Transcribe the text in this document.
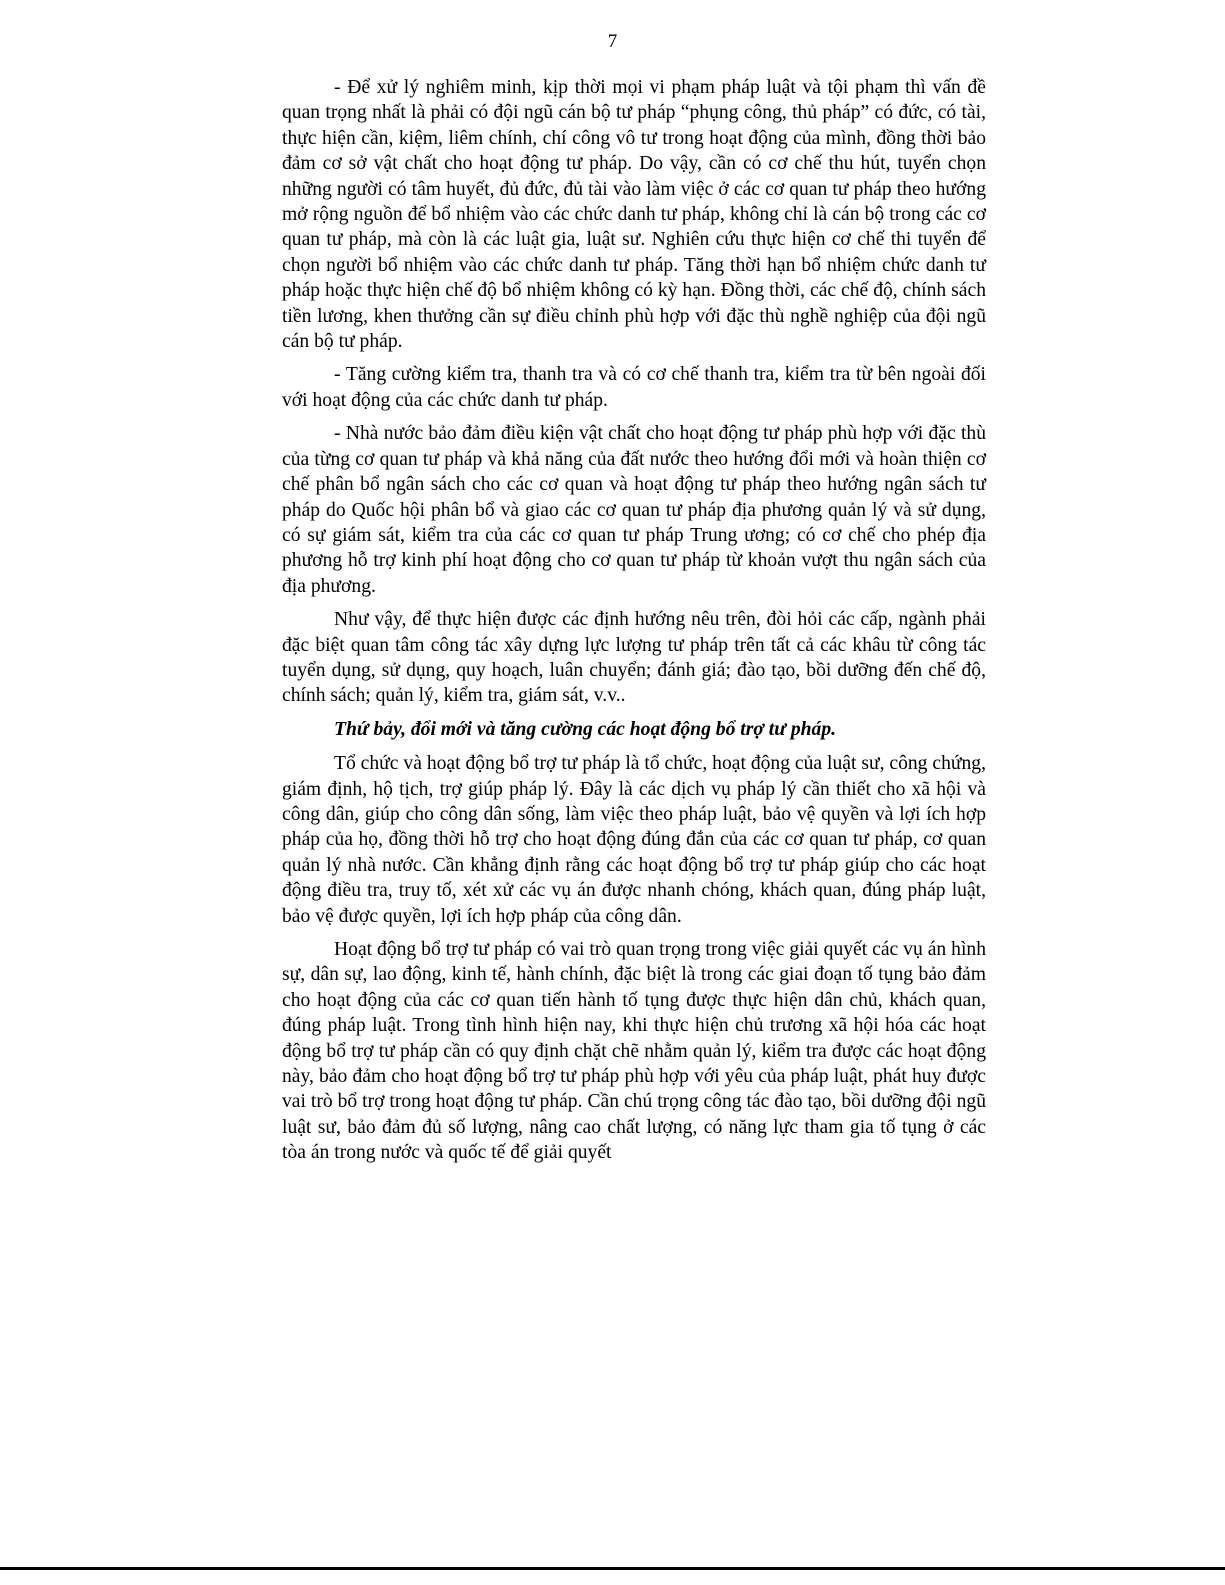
7

- Để xử lý nghiêm minh, kịp thời mọi vi phạm pháp luật và tội phạm thì vấn đề quan trọng nhất là phải có đội ngũ cán bộ tư pháp “phụng công, thủ pháp” có đức, có tài, thực hiện cần, kiệm, liêm chính, chí công vô tư trong hoạt động của mình, đồng thời bảo đảm cơ sở vật chất cho hoạt động tư pháp. Do vậy, cần có cơ chế thu hút, tuyển chọn những người có tâm huyết, đủ đức, đủ tài vào làm việc ở các cơ quan tư pháp theo hướng mở rộng nguồn để bổ nhiệm vào các chức danh tư pháp, không chỉ là cán bộ trong các cơ quan tư pháp, mà còn là các luật gia, luật sư. Nghiên cứu thực hiện cơ chế thi tuyển để chọn người bổ nhiệm vào các chức danh tư pháp. Tăng thời hạn bổ nhiệm chức danh tư pháp hoặc thực hiện chế độ bổ nhiệm không có kỳ hạn. Đồng thời, các chế độ, chính sách tiền lương, khen thưởng cần sự điều chỉnh phù hợp với đặc thù nghề nghiệp của đội ngũ cán bộ tư pháp.

- Tăng cường kiểm tra, thanh tra và có cơ chế thanh tra, kiểm tra từ bên ngoài đối với hoạt động của các chức danh tư pháp.

- Nhà nước bảo đảm điều kiện vật chất cho hoạt động tư pháp phù hợp với đặc thù của từng cơ quan tư pháp và khả năng của đất nước theo hướng đổi mới và hoàn thiện cơ chế phân bổ ngân sách cho các cơ quan và hoạt động tư pháp theo hướng ngân sách tư pháp do Quốc hội phân bổ và giao các cơ quan tư pháp địa phương quản lý và sử dụng, có sự giám sát, kiểm tra của các cơ quan tư pháp Trung ương; có cơ chế cho phép địa phương hỗ trợ kinh phí hoạt động cho cơ quan tư pháp từ khoản vượt thu ngân sách của địa phương.

Như vậy, để thực hiện được các định hướng nêu trên, đòi hỏi các cấp, ngành phải đặc biệt quan tâm công tác xây dựng lực lượng tư pháp trên tất cả các khâu từ công tác tuyển dụng, sử dụng, quy hoạch, luân chuyển; đánh giá; đào tạo, bồi dưỡng đến chế độ, chính sách; quản lý, kiểm tra, giám sát, v.v..

Thứ bảy, đổi mới và tăng cường các hoạt động bổ trợ tư pháp.

Tổ chức và hoạt động bổ trợ tư pháp là tổ chức, hoạt động của luật sư, công chứng, giám định, hộ tịch, trợ giúp pháp lý. Đây là các dịch vụ pháp lý cần thiết cho xã hội và công dân, giúp cho công dân sống, làm việc theo pháp luật, bảo vệ quyền và lợi ích hợp pháp của họ, đồng thời hỗ trợ cho hoạt động đúng đắn của các cơ quan tư pháp, cơ quan quản lý nhà nước. Cần khẳng định rằng các hoạt động bổ trợ tư pháp giúp cho các hoạt động điều tra, truy tố, xét xử các vụ án được nhanh chóng, khách quan, đúng pháp luật, bảo vệ được quyền, lợi ích hợp pháp của công dân.

Hoạt động bổ trợ tư pháp có vai trò quan trọng trong việc giải quyết các vụ án hình sự, dân sự, lao động, kinh tế, hành chính, đặc biệt là trong các giai đoạn tố tụng bảo đảm cho hoạt động của các cơ quan tiến hành tố tụng được thực hiện dân chủ, khách quan, đúng pháp luật. Trong tình hình hiện nay, khi thực hiện chủ trương xã hội hóa các hoạt động bổ trợ tư pháp cần có quy định chặt chẽ nhằm quản lý, kiểm tra được các hoạt động này, bảo đảm cho hoạt động bổ trợ tư pháp phù hợp với yêu của pháp luật, phát huy được vai trò bổ trợ trong hoạt động tư pháp. Cần chú trọng công tác đào tạo, bồi dưỡng đội ngũ luật sư, bảo đảm đủ số lượng, nâng cao chất lượng, có năng lực tham gia tố tụng ở các tòa án trong nước và quốc tế để giải quyết
